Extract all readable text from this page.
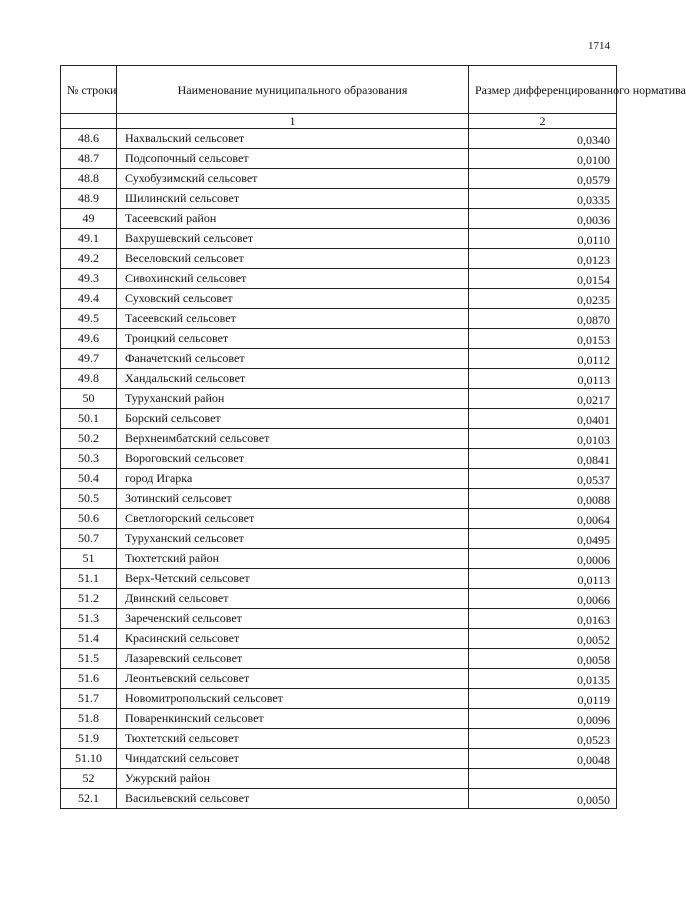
1714
№ строки	Наименование муниципального образования	Размер дифференцированного норматива
	1	2
48.6	Нахвальский сельсовет	0,0340
48.7	Подсопочный сельсовет	0,0100
48.8	Сухобузимский сельсовет	0,0579
48.9	Шилинский сельсовет	0,0335
49	Тасеевский район	0,0036
49.1	Вахрушевский сельсовет	0,0110
49.2	Веселовский сельсовет	0,0123
49.3	Сивохинский сельсовет	0,0154
49.4	Суховский сельсовет	0,0235
49.5	Тасеевский сельсовет	0,0870
49.6	Троицкий сельсовет	0,0153
49.7	Фаначетский сельсовет	0,0112
49.8	Хандальский сельсовет	0,0113
50	Туруханский район	0,0217
50.1	Борский сельсовет	0,0401
50.2	Верхнеимбатский сельсовет	0,0103
50.3	Вороговский сельсовет	0,0841
50.4	город Игарка	0,0537
50.5	Зотинский сельсовет	0,0088
50.6	Светлогорский сельсовет	0,0064
50.7	Туруханский сельсовет	0,0495
51	Тюхтетский район	0,0006
51.1	Верх-Четский сельсовет	0,0113
51.2	Двинский сельсовет	0,0066
51.3	Зареченский сельсовет	0,0163
51.4	Красинский сельсовет	0,0052
51.5	Лазаревский сельсовет	0,0058
51.6	Леонтьевский сельсовет	0,0135
51.7	Новомитропольский сельсовет	0,0119
51.8	Поваренкинский сельсовет	0,0096
51.9	Тюхтетский сельсовет	0,0523
51.10	Чиндатский сельсовет	0,0048
52	Ужурский район	
52.1	Васильевский сельсовет	0,0050
